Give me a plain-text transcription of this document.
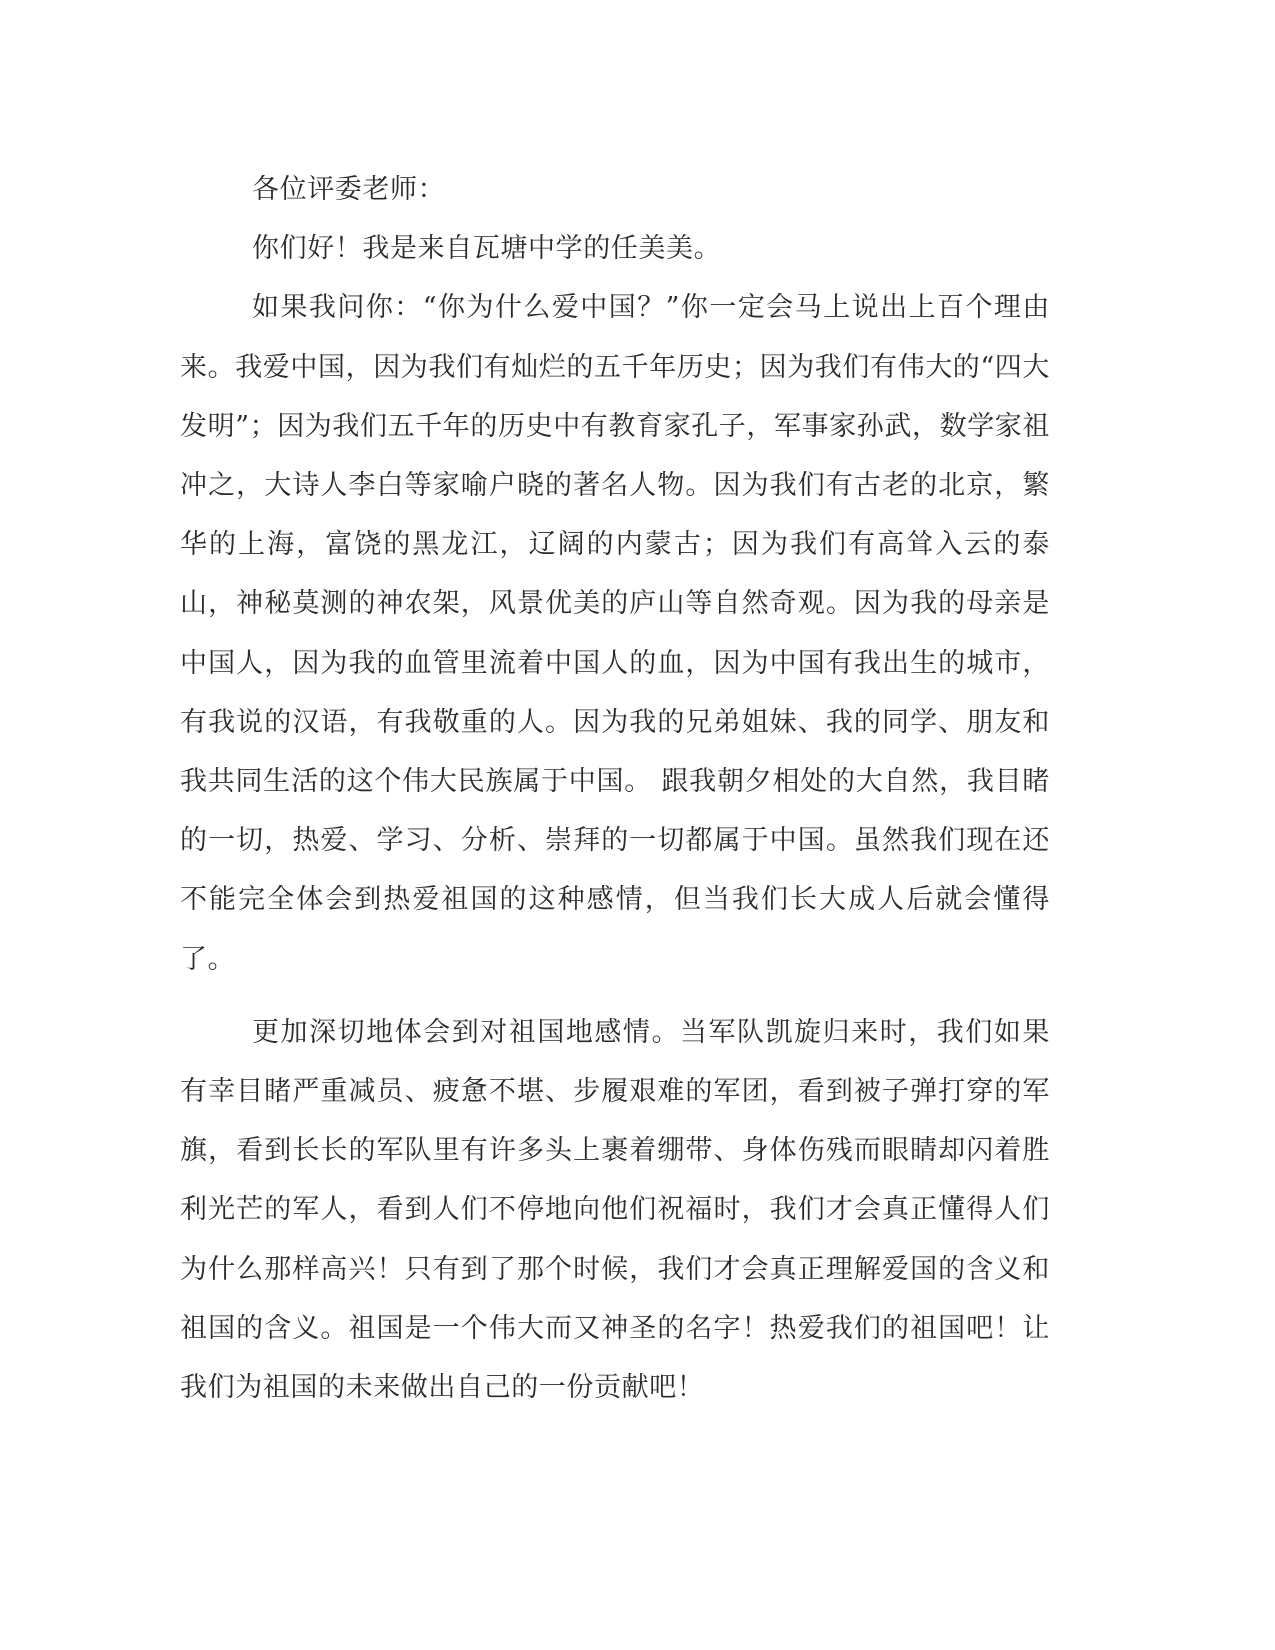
各位评委老师：

你们好！我是来自瓦塘中学的任美美。

如果我问你：“你为什么爱中国？”你一定会马上说出上百个理由来。我爱中国，因为我们有灿烂的五千年历史；因为我们有伟大的“四大发明”；因为我们五千年的历史中有教育家孔子，军事家孙武，数学家祖冲之，大诗人李白等家喻户晓的著名人物。因为我们有古老的北京，繁华的上海，富饶的黑龙江，辽阔的内蒙古；因为我们有高耸入云的泰山，神秘莫测的神农架，风景优美的庐山等自然奇观。因为我的母亲是中国人，因为我的血管里流着中国人的血，因为中国有我出生的城市，有我说的汉语，有我敬重的人。因为我的兄弟姐妹、我的同学、朋友和我共同生活的这个伟大民族属于中国。 跟我朝夕相处的大自然，我目睹的一切，热爱、学习、分析、崇拜的一切都属于中国。虽然我们现在还不能完全体会到热爱祖国的这种感情，但当我们长大成人后就会懂得了。

更加深切地体会到对祖国地感情。当军队凯旋归来时，我们如果有幸目睹严重减员、疲惫不堪、步履艰难的军团，看到被子弹打穿的军旗，看到长长的军队里有许多头上裹着绷带、身体伤残而眼睛却闪着胜利光芒的军人，看到人们不停地向他们祝福时，我们才会真正懂得人们为什么那样高兴！只有到了那个时候，我们才会真正理解爱国的含义和祖国的含义。祖国是一个伟大而又神圣的名字！热爱我们的祖国吧！让我们为祖国的未来做出自己的一份贡献吧！
